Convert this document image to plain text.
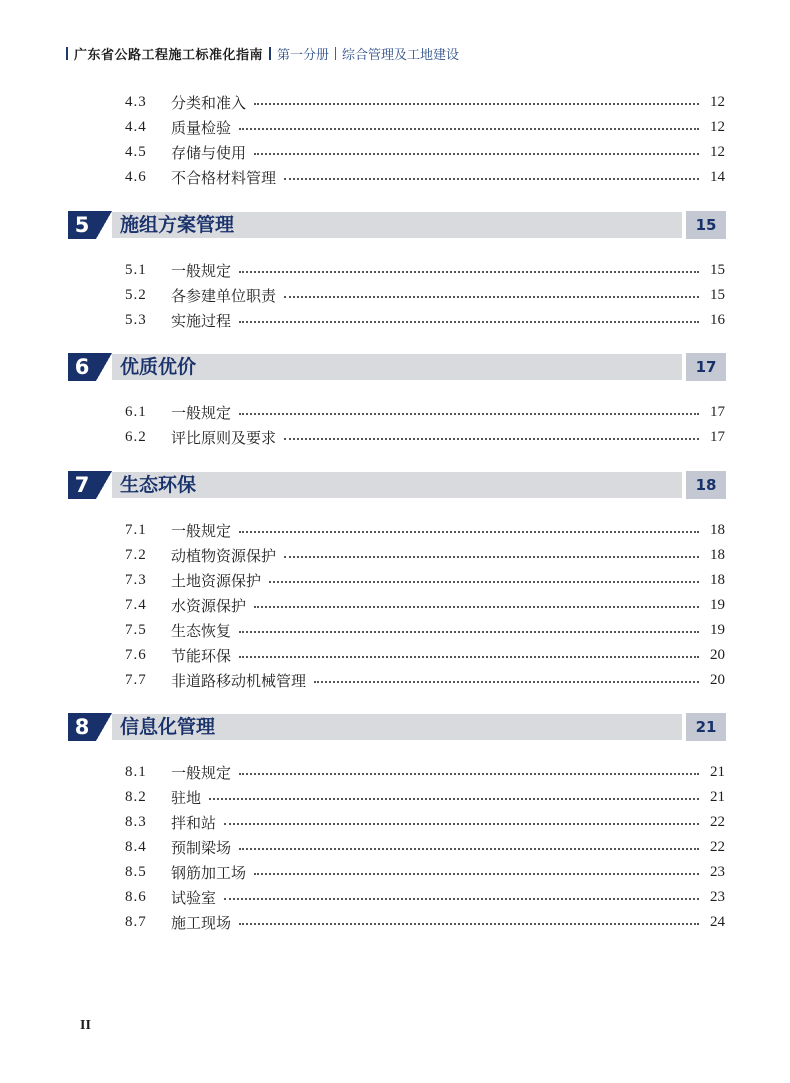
广东省公路工程施工标准化指南 第一分册 综合管理及工地建设
4.3	分类和准入	12
4.4	质量检验	12
4.5	存储与使用	12
4.6	不合格材料管理	14
5	施组方案管理	15
5.1	一般规定	15
5.2	各参建单位职责	15
5.3	实施过程	16
6	优质优价	17
6.1	一般规定	17
6.2	评比原则及要求	17
7	生态环保	18
7.1	一般规定	18
7.2	动植物资源保护	18
7.3	土地资源保护	18
7.4	水资源保护	19
7.5	生态恢复	19
7.6	节能环保	20
7.7	非道路移动机械管理	20
8	信息化管理	21
8.1	一般规定	21
8.2	驻地	21
8.3	拌和站	22
8.4	预制梁场	22
8.5	钢筋加工场	23
8.6	试验室	23
8.7	施工现场	24
II
